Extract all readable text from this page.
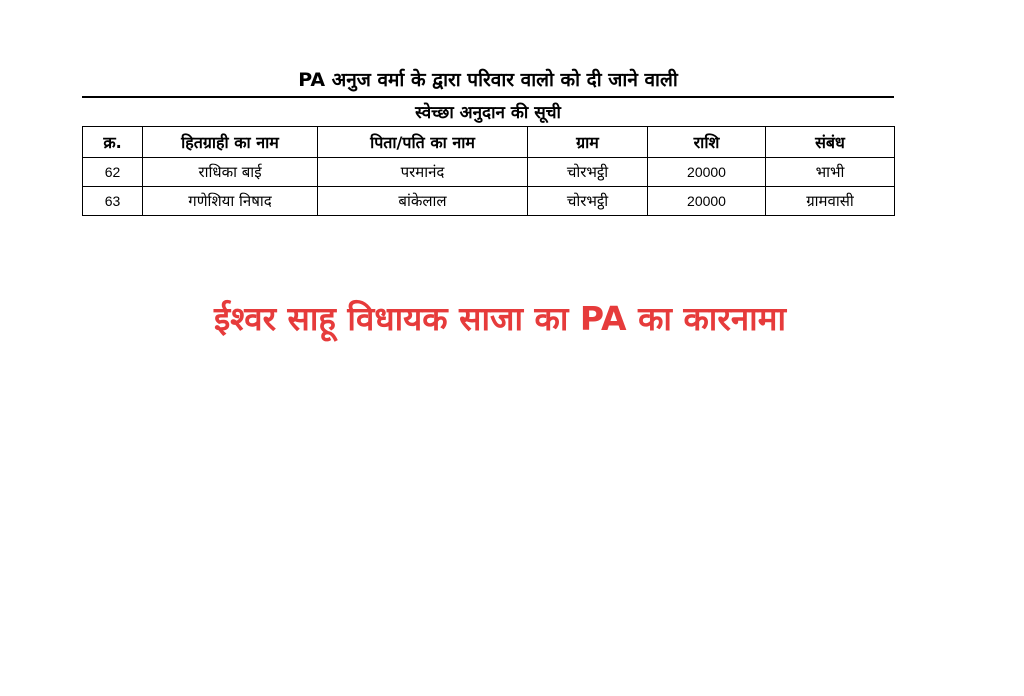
PA अनुज वर्मा के द्वारा परिवार वालो को दी जाने वाली
स्वेच्छा अनुदान की सूची
क्र.	हितग्राही का नाम	पिता/पति का नाम	ग्राम	राशि	संबंध
62	राधिका बाई	परमानंद	चोरभट्ठी	20000	भाभी
63	गणेशिया निषाद	बांकेलाल	चोरभट्ठी	20000	ग्रामवासी
ईश्वर साहू विधायक साजा का PA का कारनामा
